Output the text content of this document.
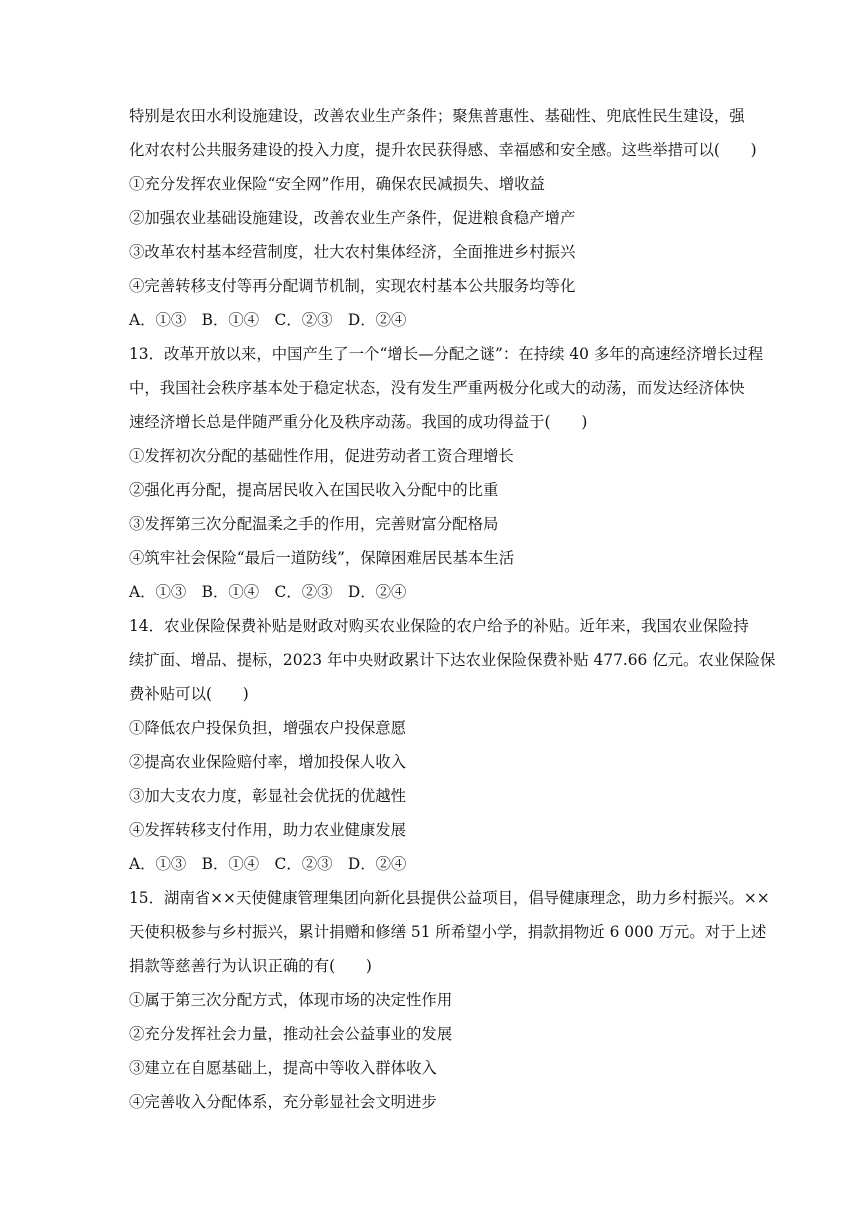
特别是农田水利设施建设，改善农业生产条件；聚焦普惠性、基础性、兜底性民生建设，强
化对农村公共服务建设的投入力度，提升农民获得感、幸福感和安全感。这些举措可以(　　)
①充分发挥农业保险“安全网”作用，确保农民减损失、增收益
②加强农业基础设施建设，改善农业生产条件，促进粮食稳产增产
③改革农村基本经营制度，壮大农村集体经济，全面推进乡村振兴
④完善转移支付等再分配调节机制，实现农村基本公共服务均等化
A．①③　B．①④　C．②③　D．②④
13．改革开放以来，中国产生了一个“增长—分配之谜”：在持续 40 多年的高速经济增长过程
中，我国社会秩序基本处于稳定状态，没有发生严重两极分化或大的动荡，而发达经济体快
速经济增长总是伴随严重分化及秩序动荡。我国的成功得益于(　　)
①发挥初次分配的基础性作用，促进劳动者工资合理增长
②强化再分配，提高居民收入在国民收入分配中的比重
③发挥第三次分配温柔之手的作用，完善财富分配格局
④筑牢社会保险“最后一道防线”，保障困难居民基本生活
A．①③　B．①④　C．②③　D．②④
14．农业保险保费补贴是财政对购买农业保险的农户给予的补贴。近年来，我国农业保险持
续扩面、增品、提标，2023 年中央财政累计下达农业保险保费补贴 477.66 亿元。农业保险保
费补贴可以(　　)
①降低农户投保负担，增强农户投保意愿
②提高农业保险赔付率，增加投保人收入
③加大支农力度，彰显社会优抚的优越性
④发挥转移支付作用，助力农业健康发展
A．①③　B．①④　C．②③　D．②④
15．湖南省××天使健康管理集团向新化县提供公益项目，倡导健康理念，助力乡村振兴。××
天使积极参与乡村振兴，累计捐赠和修缮 51 所希望小学，捐款捐物近 6 000 万元。对于上述
捐款等慈善行为认识正确的有(　　)
①属于第三次分配方式，体现市场的决定性作用
②充分发挥社会力量，推动社会公益事业的发展
③建立在自愿基础上，提高中等收入群体收入
④完善收入分配体系，充分彰显社会文明进步
